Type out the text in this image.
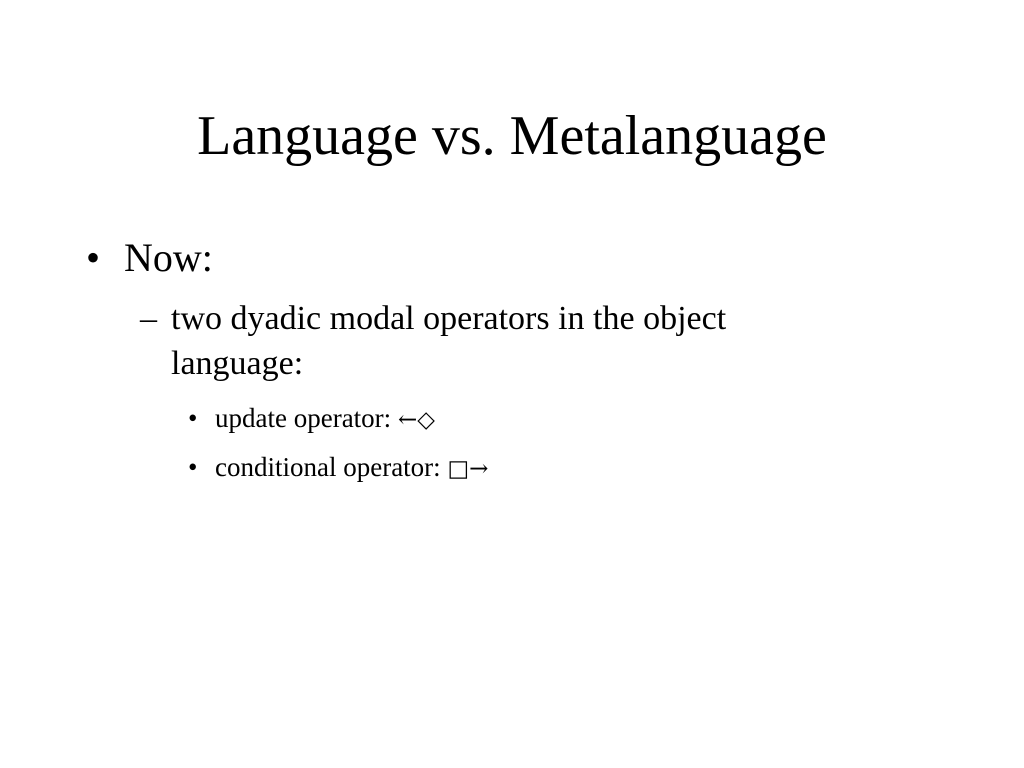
Language vs. Metalanguage
• Now:
– two dyadic modal operators in the object language:
• update operator: ←◇
• conditional operator: □→
